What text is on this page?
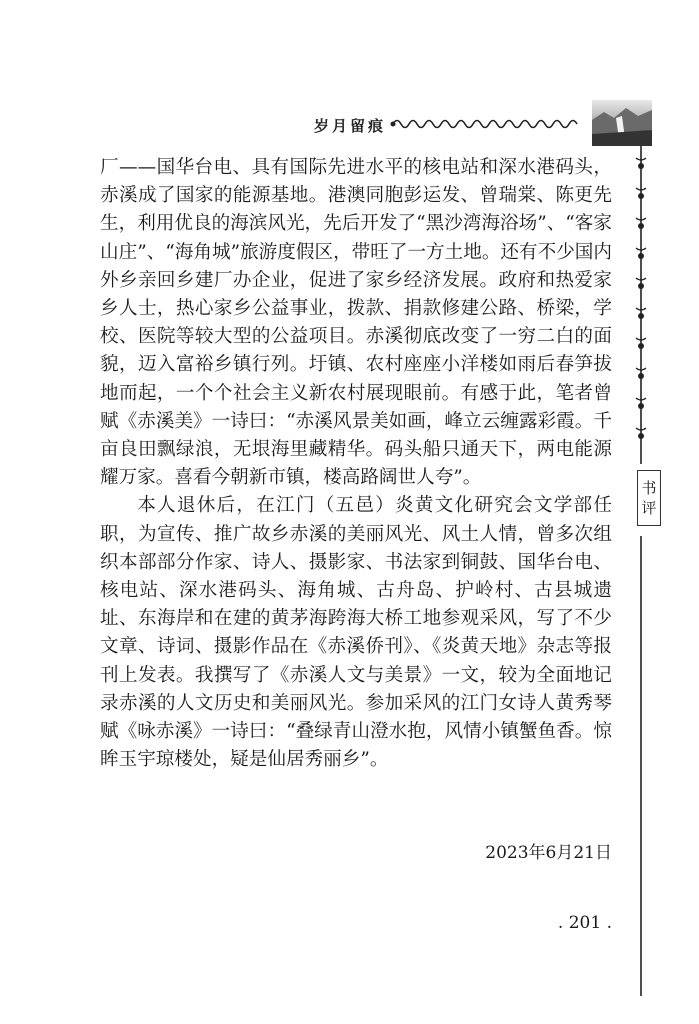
岁月留痕
书
评

厂——国华台电、具有国际先进水平的核电站和深水港码头，赤溪成了国家的能源基地。港澳同胞彭运发、曾瑞棠、陈更先生，利用优良的海滨风光，先后开发了“黑沙湾海浴场”、“客家山庄”、“海角城”旅游度假区，带旺了一方土地。还有不少国内外乡亲回乡建厂办企业，促进了家乡经济发展。政府和热爱家乡人士，热心家乡公益事业，拨款、捐款修建公路、桥梁，学校、医院等较大型的公益项目。赤溪彻底改变了一穷二白的面貌，迈入富裕乡镇行列。圩镇、农村座座小洋楼如雨后春笋拔地而起，一个个社会主义新农村展现眼前。有感于此，笔者曾赋《赤溪美》一诗曰：“赤溪风景美如画，峰立云缠露彩霞。千亩良田飘绿浪，无垠海里藏精华。码头船只通天下，两电能源耀万家。喜看今朝新市镇，楼高路阔世人夸”。

本人退休后，在江门（五邑）炎黄文化研究会文学部任职，为宣传、推广故乡赤溪的美丽风光、风土人情，曾多次组织本部部分作家、诗人、摄影家、书法家到铜鼓、国华台电、核电站、深水港码头、海角城、古舟岛、护岭村、古县城遗址、东海岸和在建的黄茅海跨海大桥工地参观采风，写了不少文章、诗词、摄影作品在《赤溪侨刊》、《炎黄天地》杂志等报刊上发表。我撰写了《赤溪人文与美景》一文，较为全面地记录赤溪的人文历史和美丽风光。参加采风的江门女诗人黄秀琴赋《咏赤溪》一诗曰：“叠绿青山澄水抱，风情小镇蟹鱼香。惊眸玉宇琼楼处，疑是仙居秀丽乡”。

2023年6月21日
. 201 .
